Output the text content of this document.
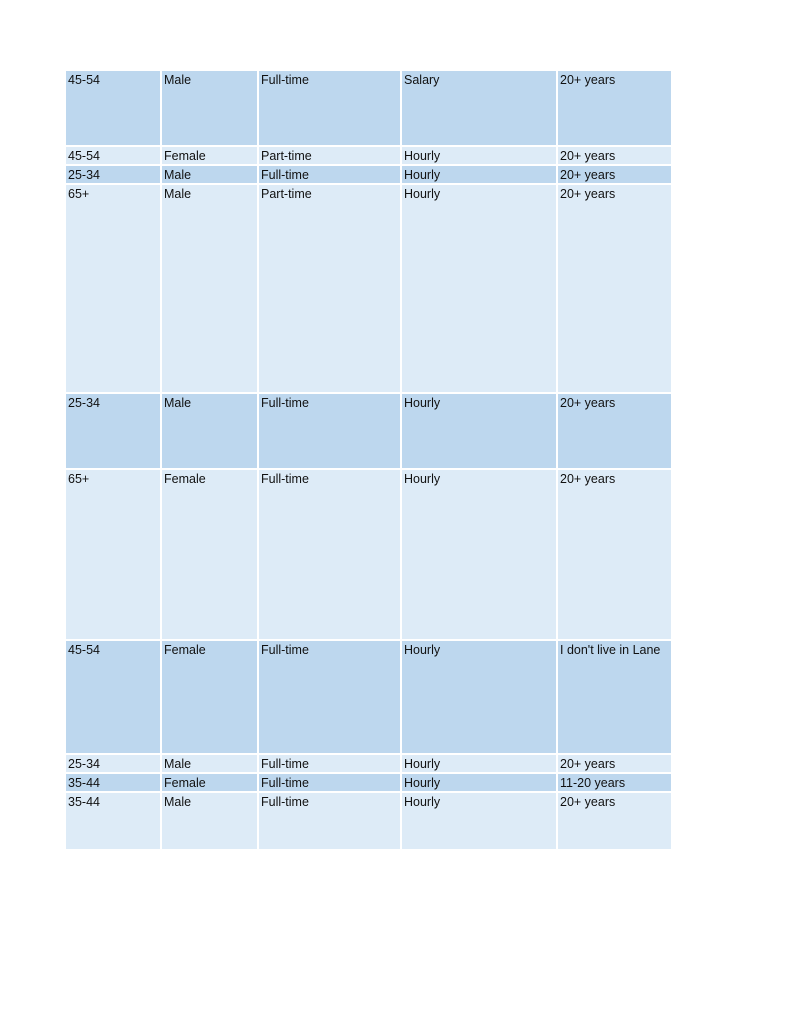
45-54	Male	Full-time	Salary	20+ years
45-54	Female	Part-time	Hourly	20+ years
25-34	Male	Full-time	Hourly	20+ years
65+	Male	Part-time	Hourly	20+ years
25-34	Male	Full-time	Hourly	20+ years
65+	Female	Full-time	Hourly	20+ years
45-54	Female	Full-time	Hourly	I don't live in Lane
25-34	Male	Full-time	Hourly	20+ years
35-44	Female	Full-time	Hourly	11-20 years
35-44	Male	Full-time	Hourly	20+ years
